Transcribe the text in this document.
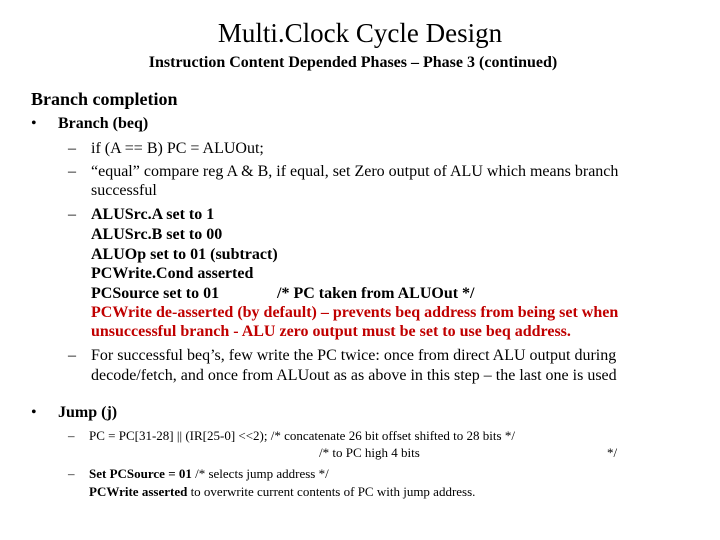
Multi.Clock Cycle Design
Instruction Content Depended Phases – Phase 3 (continued)
Branch completion
• Branch (beq)
– if (A == B) PC = ALUOut;
– “equal” compare reg A & B, if equal, set Zero output of ALU which means branch
successful
– ALUSrc.A set to 1
ALUSrc.B set to 00
ALUOp set to 01 (subtract)
PCWrite.Cond asserted
PCSource set to 01	/* PC taken from ALUOut */
PCWrite de-asserted (by default) – prevents beq address from being set when
unsuccessful branch - ALU zero output must be set to use beq address.
– For successful beq’s, few write the PC twice: once from direct ALU output during
decode/fetch, and once from ALUout as as above in this step – the last one is used
• Jump (j)
– PC = PC[31-28] || (IR[25-0] <<2); /* concatenate 26 bit offset shifted to 28 bits */
/* to PC high 4 bits	*/
– Set PCSource = 01 /* selects jump address */
PCWrite asserted to overwrite current contents of PC with jump address.
